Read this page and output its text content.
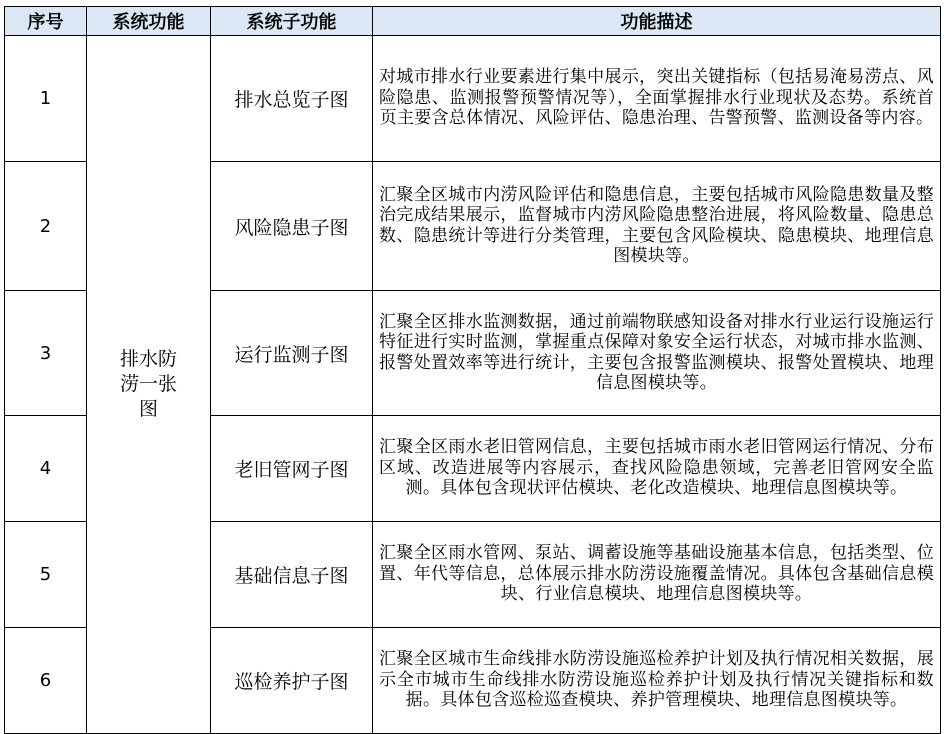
序号	系统功能	系统子功能	功能描述
1	排水防涝一张图	排水总览子图	对城市排水行业要素进行集中展示，突出关键指标（包括易淹易涝点、风险隐患、监测报警预警情况等），全面掌握排水行业现状及态势。系统首页主要含总体情况、风险评估、隐患治理、告警预警、监测设备等内容。
2		风险隐患子图	汇聚全区城市内涝风险评估和隐患信息，主要包括城市风险隐患数量及整治完成结果展示，监督城市内涝风险隐患整治进展，将风险数量、隐患总数、隐患统计等进行分类管理，主要包含风险模块、隐患模块、地理信息图模块等。
3		运行监测子图	汇聚全区排水监测数据，通过前端物联感知设备对排水行业运行设施运行特征进行实时监测，掌握重点保障对象安全运行状态，对城市排水监测、报警处置效率等进行统计，主要包含报警监测模块、报警处置模块、地理信息图模块等。
4		老旧管网子图	汇聚全区雨水老旧管网信息，主要包括城市雨水老旧管网运行情况、分布区域、改造进展等内容展示，查找风险隐患领域，完善老旧管网安全监测。具体包含现状评估模块、老化改造模块、地理信息图模块等。
5		基础信息子图	汇聚全区雨水管网、泵站、调蓄设施等基础设施基本信息，包括类型、位置、年代等信息，总体展示排水防涝设施覆盖情况。具体包含基础信息模块、行业信息模块、地理信息图模块等。
6		巡检养护子图	汇聚全区城市生命线排水防涝设施巡检养护计划及执行情况相关数据，展示全市城市生命线排水防涝设施巡检养护计划及执行情况关键指标和数据。具体包含巡检巡查模块、养护管理模块、地理信息图模块等。
